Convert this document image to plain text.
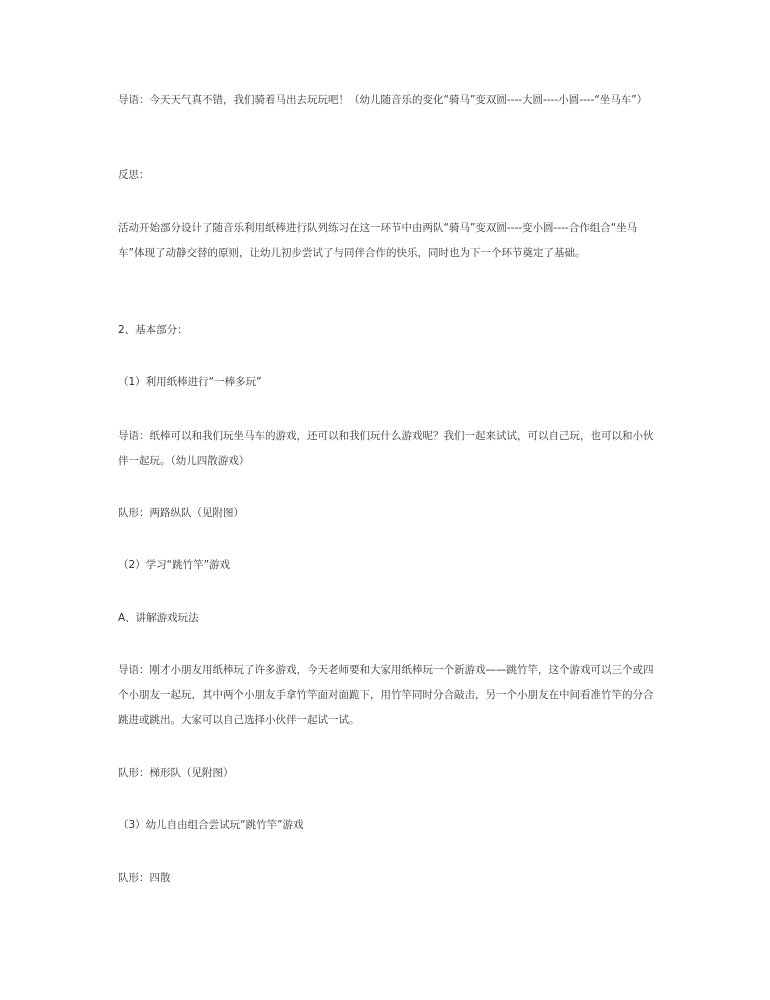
导语：今天天气真不错，我们骑着马出去玩玩吧！（幼儿随音乐的变化“骑马”变双圆----大圆----小圆----“坐马车”）

反思：

活动开始部分设计了随音乐利用纸棒进行队列练习在这一环节中由两队“骑马”变双圆----变小圆----合作组合“坐马车”体现了动静交替的原则，让幼儿初步尝试了与同伴合作的快乐，同时也为下一个环节奠定了基础。

2、基本部分：

（1）利用纸棒进行“一棒多玩”

导语：纸棒可以和我们玩坐马车的游戏，还可以和我们玩什么游戏呢？我们一起来试试，可以自己玩，也可以和小伙伴一起玩。（幼儿四散游戏）

队形：两路纵队（见附图）

（2）学习“跳竹竿”游戏

A、讲解游戏玩法

导语：刚才小朋友用纸棒玩了许多游戏，今天老师要和大家用纸棒玩一个新游戏——跳竹竿，这个游戏可以三个或四个小朋友一起玩，其中两个小朋友手拿竹竿面对面跪下，用竹竿同时分合敲击，另一个小朋友在中间看准竹竿的分合跳进或跳出。大家可以自己选择小伙伴一起试一试。

队形：梯形队（见附图）

（3）幼儿自由组合尝试玩“跳竹竿”游戏

队形：四散
